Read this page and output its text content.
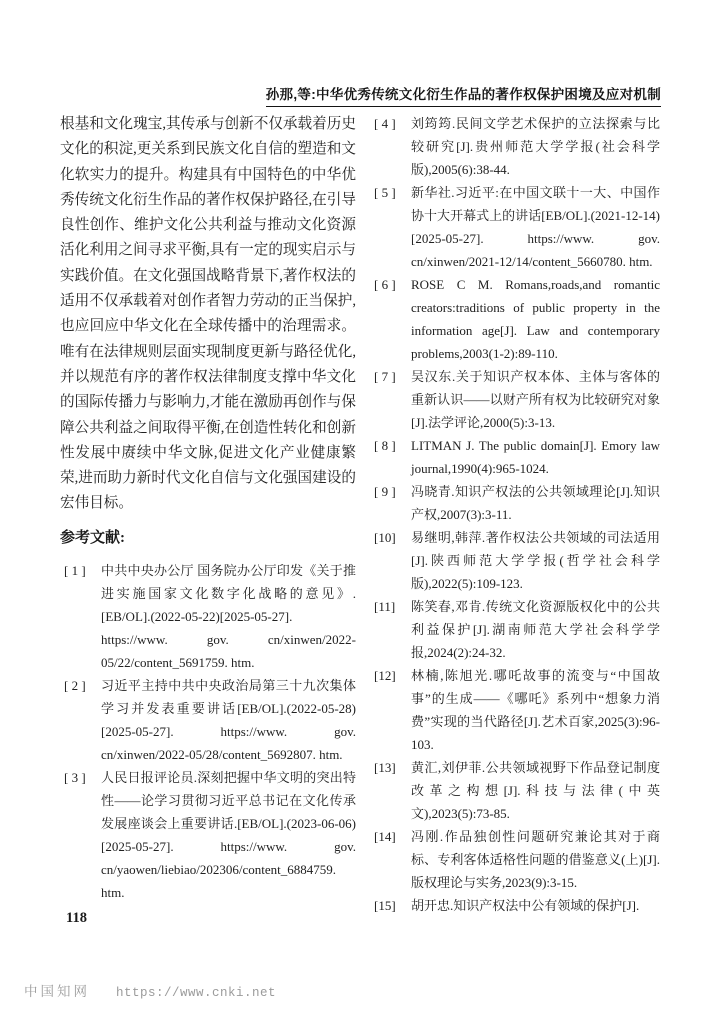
孙那,等:中华优秀传统文化衍生作品的著作权保护困境及应对机制

根基和文化瑰宝,其传承与创新不仅承载着历史文化的积淀,更关系到民族文化自信的塑造和文化软实力的提升。构建具有中国特色的中华优秀传统文化衍生作品的著作权保护路径,在引导良性创作、维护文化公共利益与推动文化资源活化利用之间寻求平衡,具有一定的现实启示与实践价值。在文化强国战略背景下,著作权法的适用不仅承载着对创作者智力劳动的正当保护,也应回应中华文化在全球传播中的治理需求。唯有在法律规则层面实现制度更新与路径优化,并以规范有序的著作权法律制度支撑中华文化的国际传播力与影响力,才能在激励再创作与保障公共利益之间取得平衡,在创造性转化和创新性发展中赓续中华文脉,促进文化产业健康繁荣,进而助力新时代文化自信与文化强国建设的宏伟目标。

参考文献:
[ 1 ]	中共中央办公厅 国务院办公厅印发《关于推进实施国家文化数字化战略的意见》.[EB/OL].(2022-05-22)[2025-05-27]. https://www. gov. cn/xinwen/2022-05/22/content_5691759. htm.
[ 2 ]	习近平主持中共中央政治局第三十九次集体学习并发表重要讲话[EB/OL].(2022-05-28)[2025-05-27]. https://www. gov. cn/xinwen/2022-05/28/content_5692807. htm.
[ 3 ]	人民日报评论员.深刻把握中华文明的突出特性——论学习贯彻习近平总书记在文化传承发展座谈会上重要讲话.[EB/OL].(2023-06-06)[2025-05-27]. https://www. gov. cn/yaowen/liebiao/202306/content_6884759. htm.
[ 4 ]	刘筠筠.民间文学艺术保护的立法探索与比较研究[J].贵州师范大学学报(社会科学版),2005(6):38-44.
[ 5 ]	新华社.习近平:在中国文联十一大、中国作协十大开幕式上的讲话[EB/OL].(2021-12-14)[2025-05-27]. https://www. gov. cn/xinwen/2021-12/14/content_5660780. htm.
[ 6 ]	ROSE C M. Romans,roads,and romantic creators:traditions of public property in the information age[J]. Law and contemporary problems,2003(1-2):89-110.
[ 7 ]	吴汉东.关于知识产权本体、主体与客体的重新认识——以财产所有权为比较研究对象[J].法学评论,2000(5):3-13.
[ 8 ]	LITMAN J. The public domain[J]. Emory law journal,1990(4):965-1024.
[ 9 ]	冯晓青.知识产权法的公共领域理论[J].知识产权,2007(3):3-11.
[10]	易继明,韩萍.著作权法公共领域的司法适用[J].陕西师范大学学报(哲学社会科学版),2022(5):109-123.
[11]	陈笑春,邓肯.传统文化资源版权化中的公共利益保护[J].湖南师范大学社会科学学报,2024(2):24-32.
[12]	林楠,陈旭光.哪吒故事的流变与“中国故事”的生成——《哪吒》系列中“想象力消费”实现的当代路径[J].艺术百家,2025(3):96-103.
[13]	黄汇,刘伊菲.公共领域视野下作品登记制度改革之构想[J].科技与法律(中英文),2023(5):73-85.
[14]	冯刚.作品独创性问题研究兼论其对于商标、专利客体适格性问题的借鉴意义(上)[J].版权理论与实务,2023(9):3-15.
[15]	胡开忠.知识产权法中公有领域的保护[J].
118
中国知网 https://www.cnki.net
